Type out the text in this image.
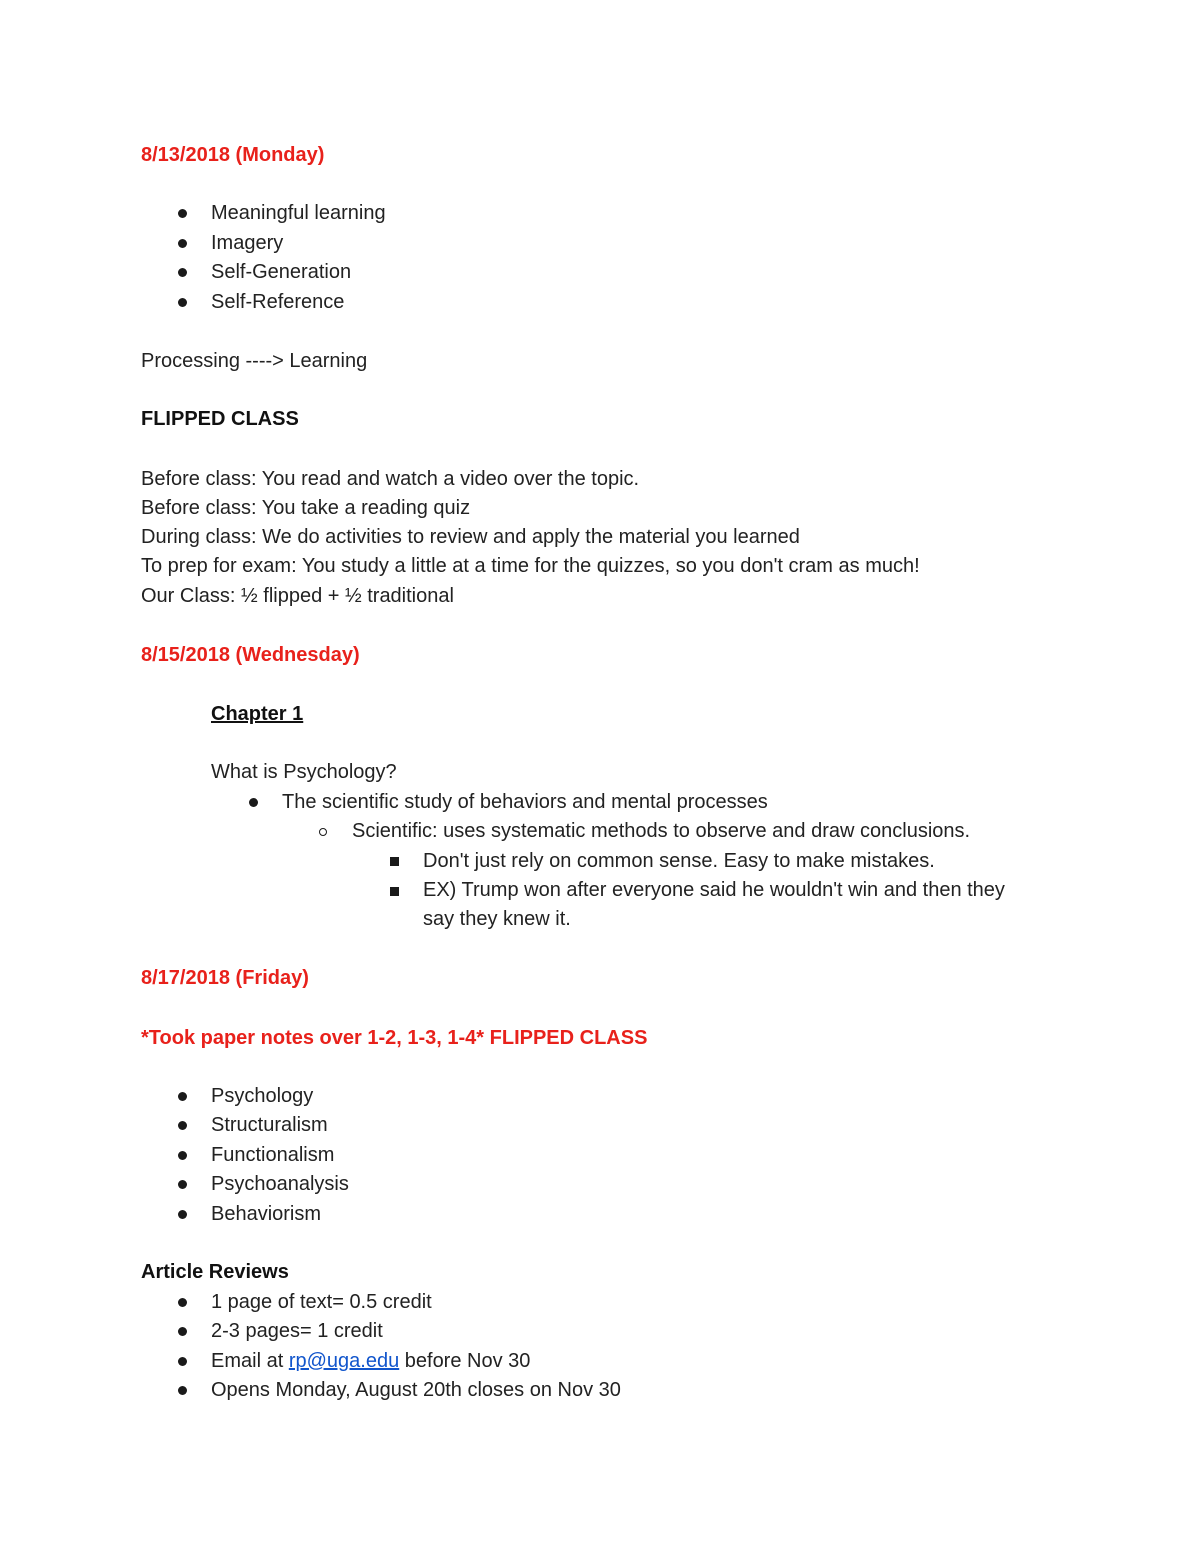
8/13/2018 (Monday)
Meaningful learning
Imagery
Self-Generation
Self-Reference
Processing ----> Learning
FLIPPED CLASS
Before class: You read and watch a video over the topic.
Before class: You take a reading quiz
During class: We do activities to review and apply the material you learned
To prep for exam: You study a little at a time for the quizzes, so you don't cram as much!
Our Class: ½ flipped + ½ traditional
8/15/2018 (Wednesday)
Chapter 1
What is Psychology?
The scientific study of behaviors and mental processes
Scientific: uses systematic methods to observe and draw conclusions.
Don't just rely on common sense. Easy to make mistakes.
EX) Trump won after everyone said he wouldn't win and then they
say they knew it.
8/17/2018 (Friday)
*Took paper notes over 1-2, 1-3, 1-4* FLIPPED CLASS
Psychology
Structuralism
Functionalism
Psychoanalysis
Behaviorism
Article Reviews
1 page of text= 0.5 credit
2-3 pages= 1 credit
Email at rp@uga.edu before Nov 30
Opens Monday, August 20th closes on Nov 30
